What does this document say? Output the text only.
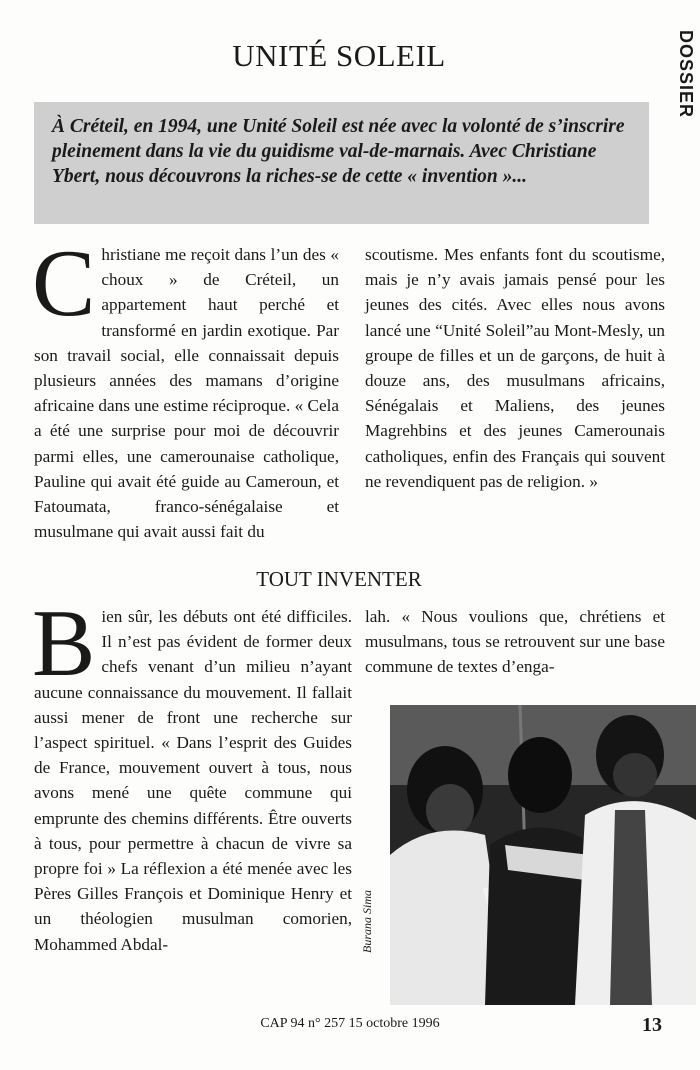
UNITÉ SOLEIL	DOSSIER
À Créteil, en 1994, une Unité Soleil est née avec la volonté de s’inscrire pleinement dans la vie du guidisme val-de-marnais. Avec Christiane Ybert, nous découvrons la riches-se de cette « invention »...

Christiane me reçoit dans l’un des « choux » de Créteil, un appartement haut perché et transformé en jardin exotique. Par son travail social, elle connaissait depuis plusieurs années des mamans d’origine africaine dans une estime réciproque. « Cela a été une surprise pour moi de découvrir parmi elles, une camerounaise catholique, Pauline qui avait été guide au Cameroun, et Fatoumata, franco-sénégalaise et musulmane qui avait aussi fait du

scoutisme. Mes enfants font du scoutisme, mais je n’y avais jamais pensé pour les jeunes des cités. Avec elles nous avons lancé une “Unité Soleil”au Mont-Mesly, un groupe de filles et un de garçons, de huit à douze ans, des musulmans africains, Sénégalais et Maliens, des jeunes Magrehbins et des jeunes Camerounais catholiques, enfin des Français qui souvent ne revendiquent pas de religion. »

TOUT INVENTER

Bien sûr, les débuts ont été difficiles. Il n’est pas évident de former deux chefs venant d’un milieu n’ayant aucune connaissance du mouvement. Il fallait aussi mener de front une recherche sur l’aspect spirituel. « Dans l’esprit des Guides de France, mouvement ouvert à tous, nous avons mené une quête commune qui emprunte des chemins différents. Être ouverts à tous, pour permettre à chacun de vivre sa propre foi » La réflexion a été menée avec les Pères Gilles François et Dominique Henry et un théologien musulman comorien, Mohammed Abdal-

lah. « Nous voulions que, chrétiens et musulmans, tous se retrouvent sur une base commune de textes d’enga-

Burana Sima
CAP 94 n° 257 15 octobre 1996	13
